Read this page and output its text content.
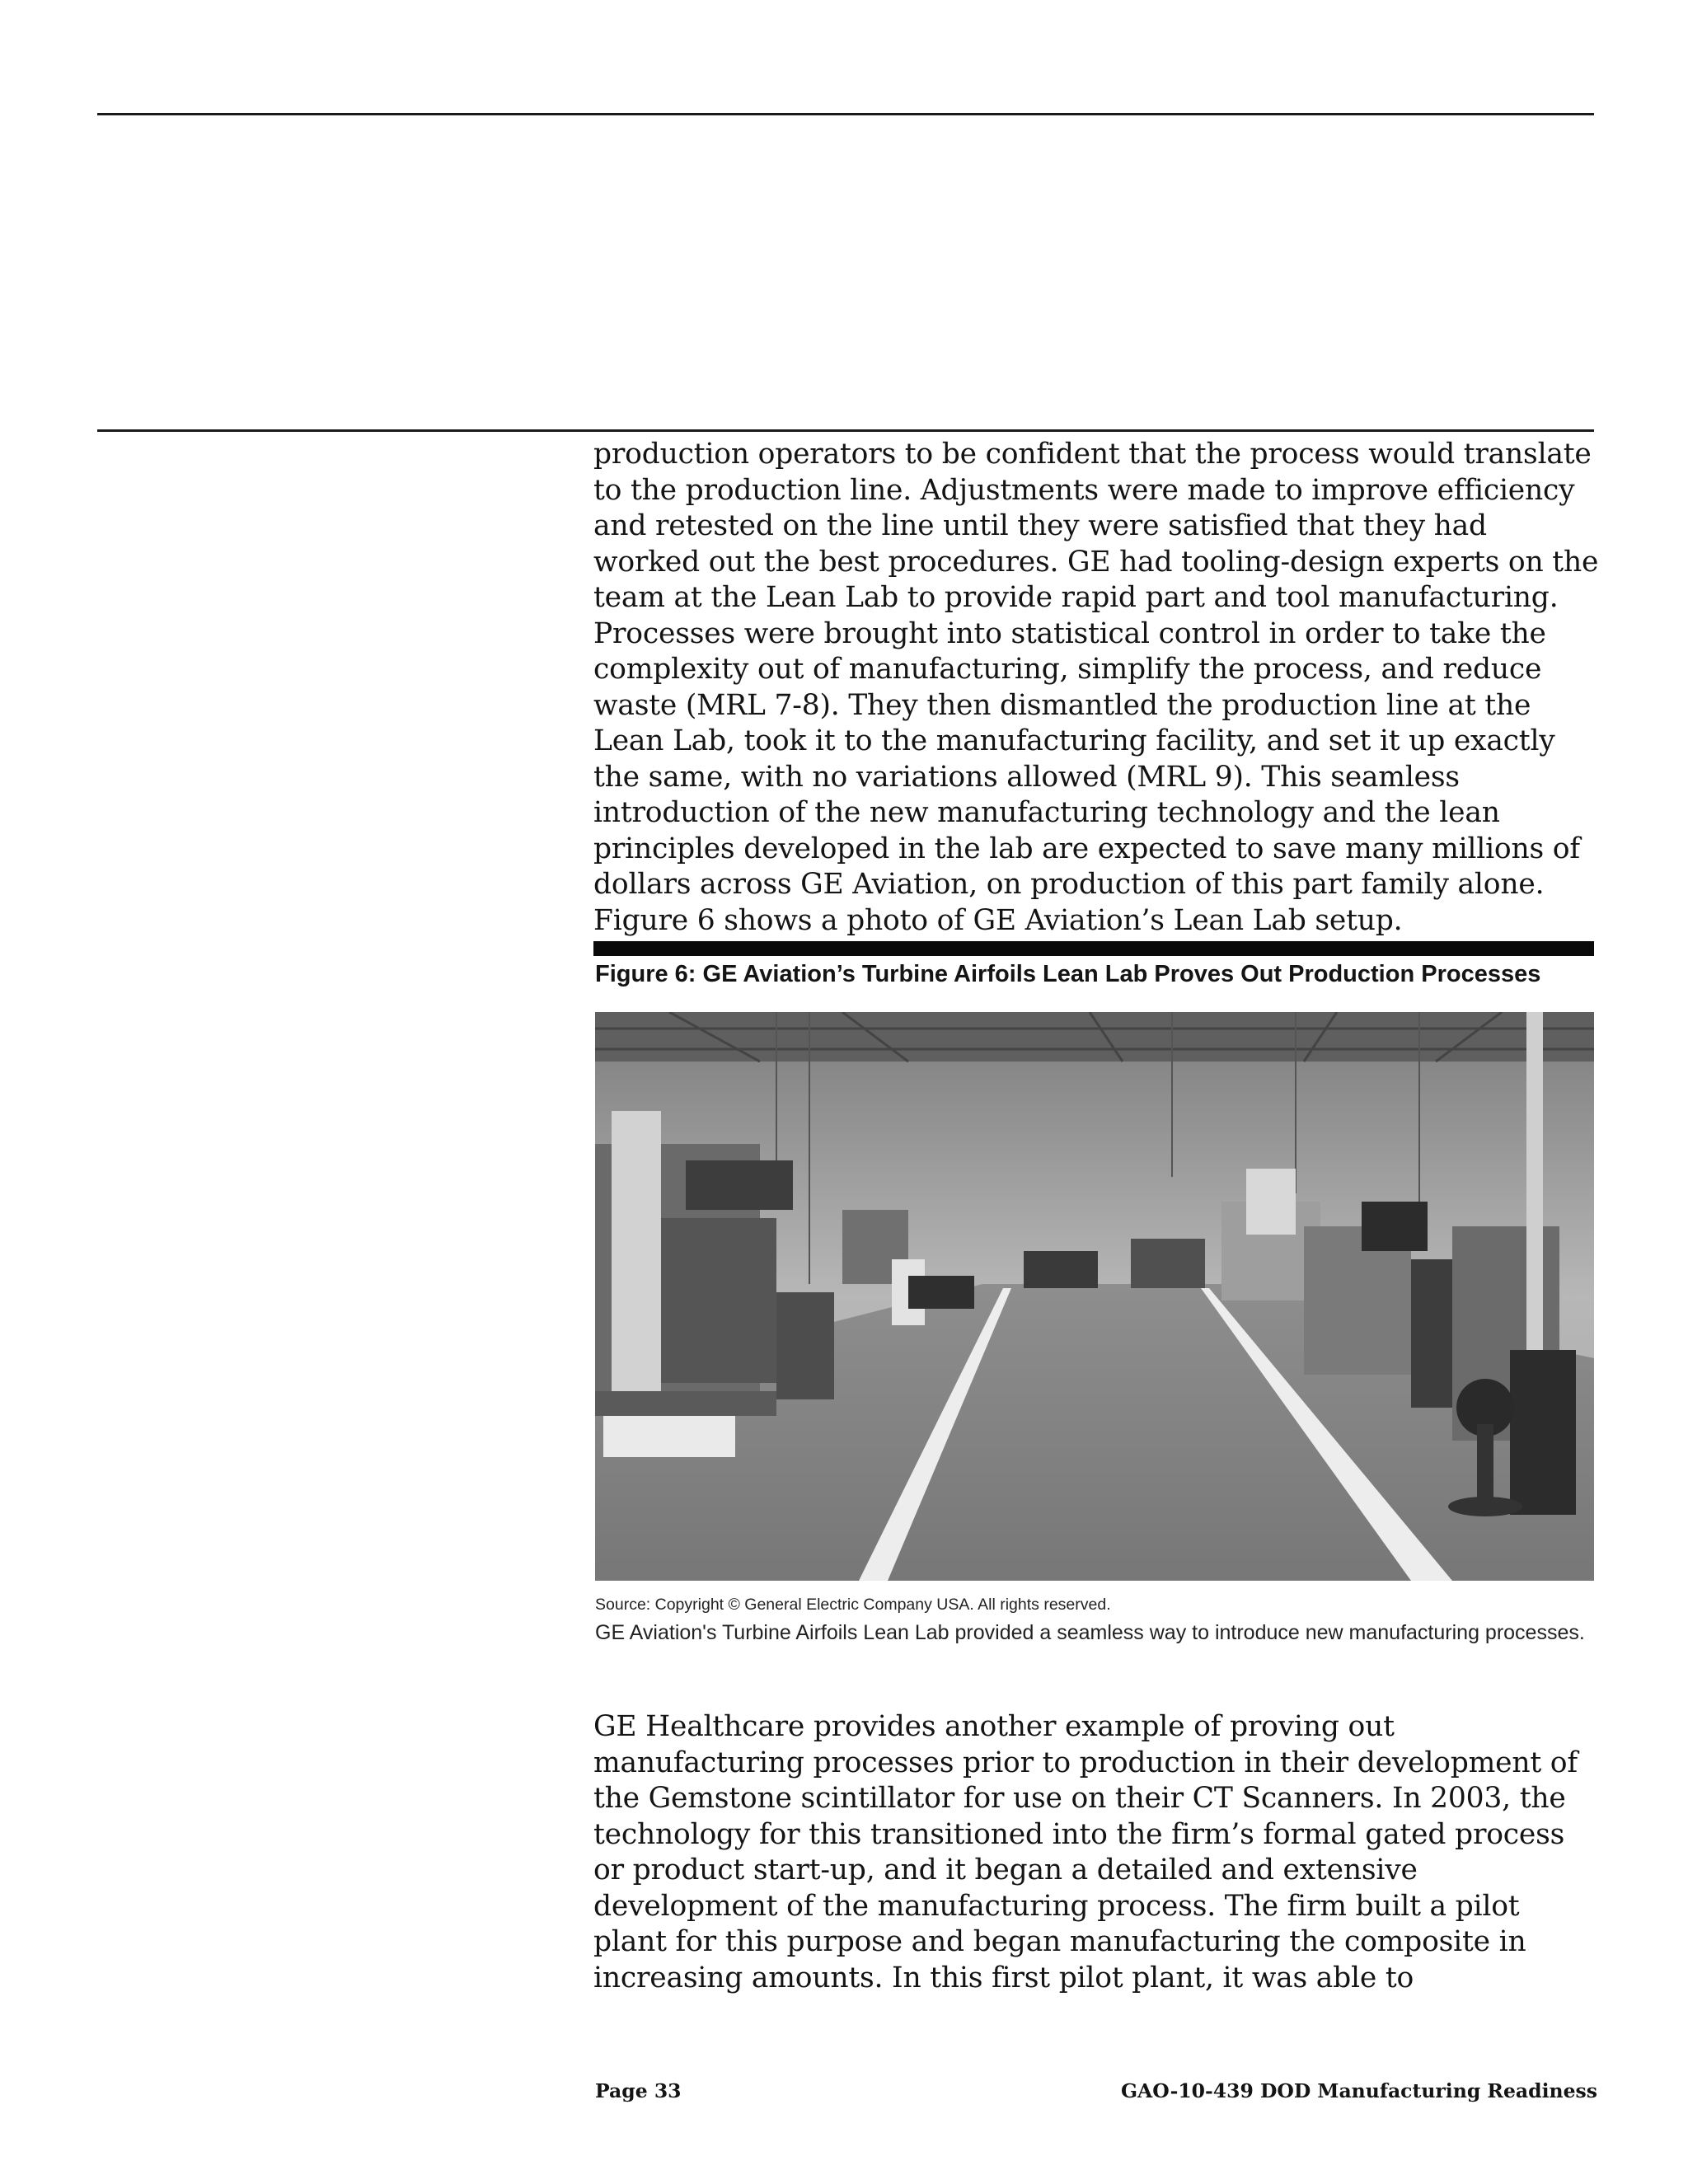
production operators to be confident that the process would translate to the production line. Adjustments were made to improve efficiency and retested on the line until they were satisfied that they had worked out the best procedures. GE had tooling-design experts on the team at the Lean Lab to provide rapid part and tool manufacturing. Processes were brought into statistical control in order to take the complexity out of manufacturing, simplify the process, and reduce waste (MRL 7-8). They then dismantled the production line at the Lean Lab, took it to the manufacturing facility, and set it up exactly the same, with no variations allowed (MRL 9). This seamless introduction of the new manufacturing technology and the lean principles developed in the lab are expected to save many millions of dollars across GE Aviation, on production of this part family alone. Figure 6 shows a photo of GE Aviation’s Lean Lab setup.

Figure 6: GE Aviation’s Turbine Airfoils Lean Lab Proves Out Production Processes
Source: Copyright © General Electric Company USA. All rights reserved.
GE Aviation's Turbine Airfoils Lean Lab provided a seamless way to introduce new manufacturing processes.

GE Healthcare provides another example of proving out manufacturing processes prior to production in their development of the Gemstone scintillator for use on their CT Scanners. In 2003, the technology for this transitioned into the firm’s formal gated process or product start-up, and it began a detailed and extensive development of the manufacturing process. The firm built a pilot plant for this purpose and began manufacturing the composite in increasing amounts. In this first pilot plant, it was able to

Page 33	GAO-10-439 DOD Manufacturing Readiness
